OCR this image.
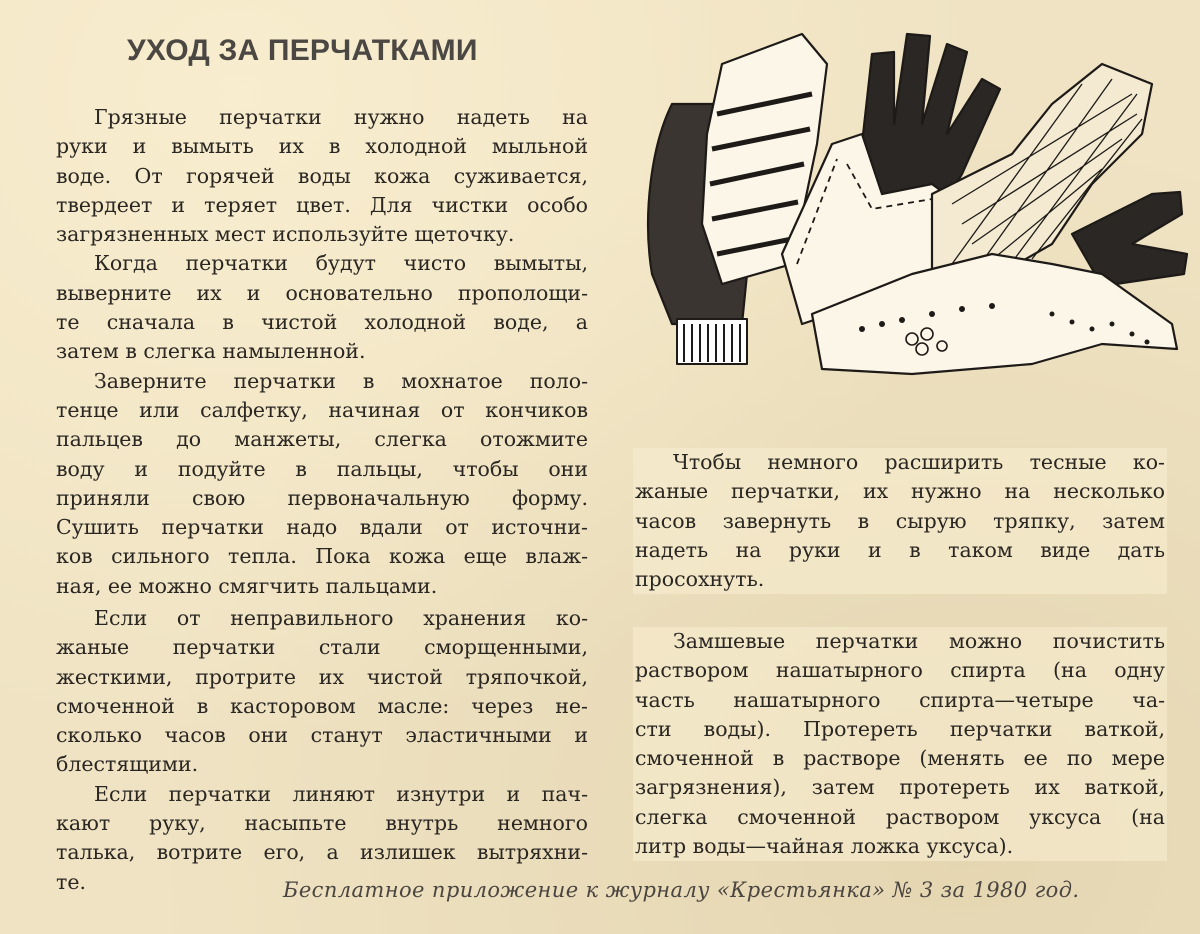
УХОД ЗА ПЕРЧАТКАМИ

Грязные перчатки нужно надеть на
руки и вымыть их в холодной мыльной
воде. От горячей воды кожа суживается,
твердеет и теряет цвет. Для чистки особо
загрязненных мест используйте щеточку.

Когда перчатки будут чисто вымыты,
выверните их и основательно прополощи-
те сначала в чистой холодной воде, а
затем в слегка намыленной.

Заверните перчатки в мохнатое поло-
тенце или салфетку, начиная от кончиков
пальцев до манжеты, слегка отожмите
воду и подуйте в пальцы, чтобы они
приняли свою первоначальную форму.
Сушить перчатки надо вдали от источни-
ков сильного тепла. Пока кожа еще влаж-
ная, ее можно смягчить пальцами.

Если от неправильного хранения ко-
жаные перчатки стали сморщенными,
жесткими, протрите их чистой тряпочкой,
смоченной в касторовом масле: через не-
сколько часов они станут эластичными и
блестящими.

Если перчатки линяют изнутри и пач-
кают руку, насыпьте внутрь немного
талька, вотрите его, а излишек вытряхни-
те.

Чтобы немного расширить тесные ко-
жаные перчатки, их нужно на несколько
часов завернуть в сырую тряпку, затем
надеть на руки и в таком виде дать
просохнуть.

Замшевые перчатки можно почистить
раствором нашатырного спирта (на одну
часть нашатырного спирта—четыре ча-
сти воды). Протереть перчатки ваткой,
смоченной в растворе (менять ее по мере
загрязнения), затем протереть их ваткой,
слегка смоченной раствором уксуса (на
литр воды—чайная ложка уксуса).

Бесплатное приложение к журналу «Крестьянка» № 3 за 1980 год.
